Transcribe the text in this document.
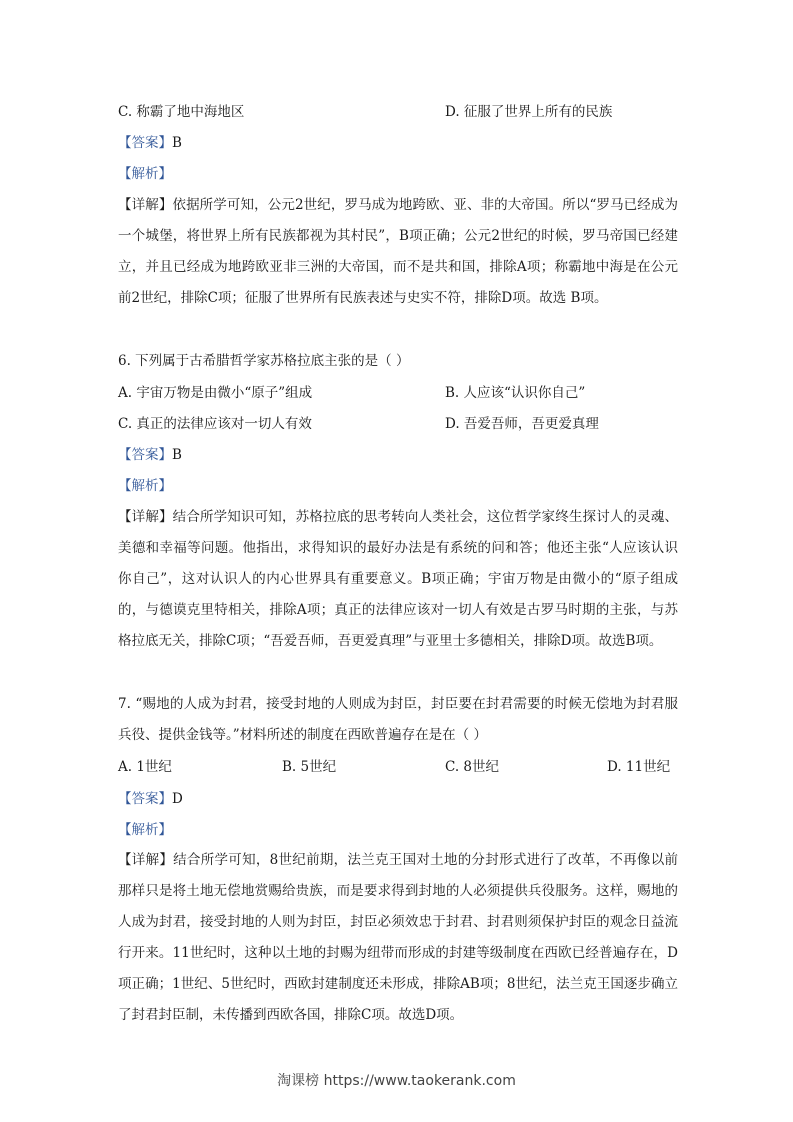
C. 称霸了地中海地区	D. 征服了世界上所有的民族
【答案】B
【解析】
【详解】依据所学可知，公元2世纪，罗马成为地跨欧、亚、非的大帝国。所以“罗马已经成为一个城堡，将世界上所有民族都视为其村民”，B项正确；公元2世纪的时候，罗马帝国已经建立，并且已经成为地跨欧亚非三洲的大帝国，而不是共和国，排除A项；称霸地中海是在公元前2世纪，排除C项；征服了世界所有民族表述与史实不符，排除D项。故选 B项。
6. 下列属于古希腊哲学家苏格拉底主张的是（ ）
A. 宇宙万物是由微小“原子”组成	B. 人应该“认识你自己”
C. 真正的法律应该对一切人有效	D. 吾爱吾师，吾更爱真理
【答案】B
【解析】
【详解】结合所学知识可知，苏格拉底的思考转向人类社会，这位哲学家终生探讨人的灵魂、美德和幸福等问题。他指出，求得知识的最好办法是有系统的问和答；他还主张“人应该认识你自己”，这对认识人的内心世界具有重要意义。B项正确；宇宙万物是由微小的“原子组成的，与德谟克里特相关，排除A项；真正的法律应该对一切人有效是古罗马时期的主张，与苏格拉底无关，排除C项；“吾爱吾师，吾更爱真理”与亚里士多德相关，排除D项。故选B项。
7. “赐地的人成为封君，接受封地的人则成为封臣，封臣要在封君需要的时候无偿地为封君服兵役、提供金钱等。”材料所述的制度在西欧普遍存在是在（ ）
A. 1世纪	B. 5世纪	C. 8世纪	D. 11世纪
【答案】D
【解析】
【详解】结合所学可知，8世纪前期，法兰克王国对土地的分封形式进行了改革，不再像以前那样只是将土地无偿地赏赐给贵族，而是要求得到封地的人必须提供兵役服务。这样，赐地的人成为封君，接受封地的人则为封臣，封臣必须效忠于封君、封君则须保护封臣的观念日益流行开来。11世纪时，这种以土地的封赐为纽带而形成的封建等级制度在西欧已经普遍存在，D项正确；1世纪、5世纪时，西欧封建制度还未形成，排除AB项；8世纪，法兰克王国逐步确立了封君封臣制，未传播到西欧各国，排除C项。故选D项。
淘课榜 https://www.taokerank.com
